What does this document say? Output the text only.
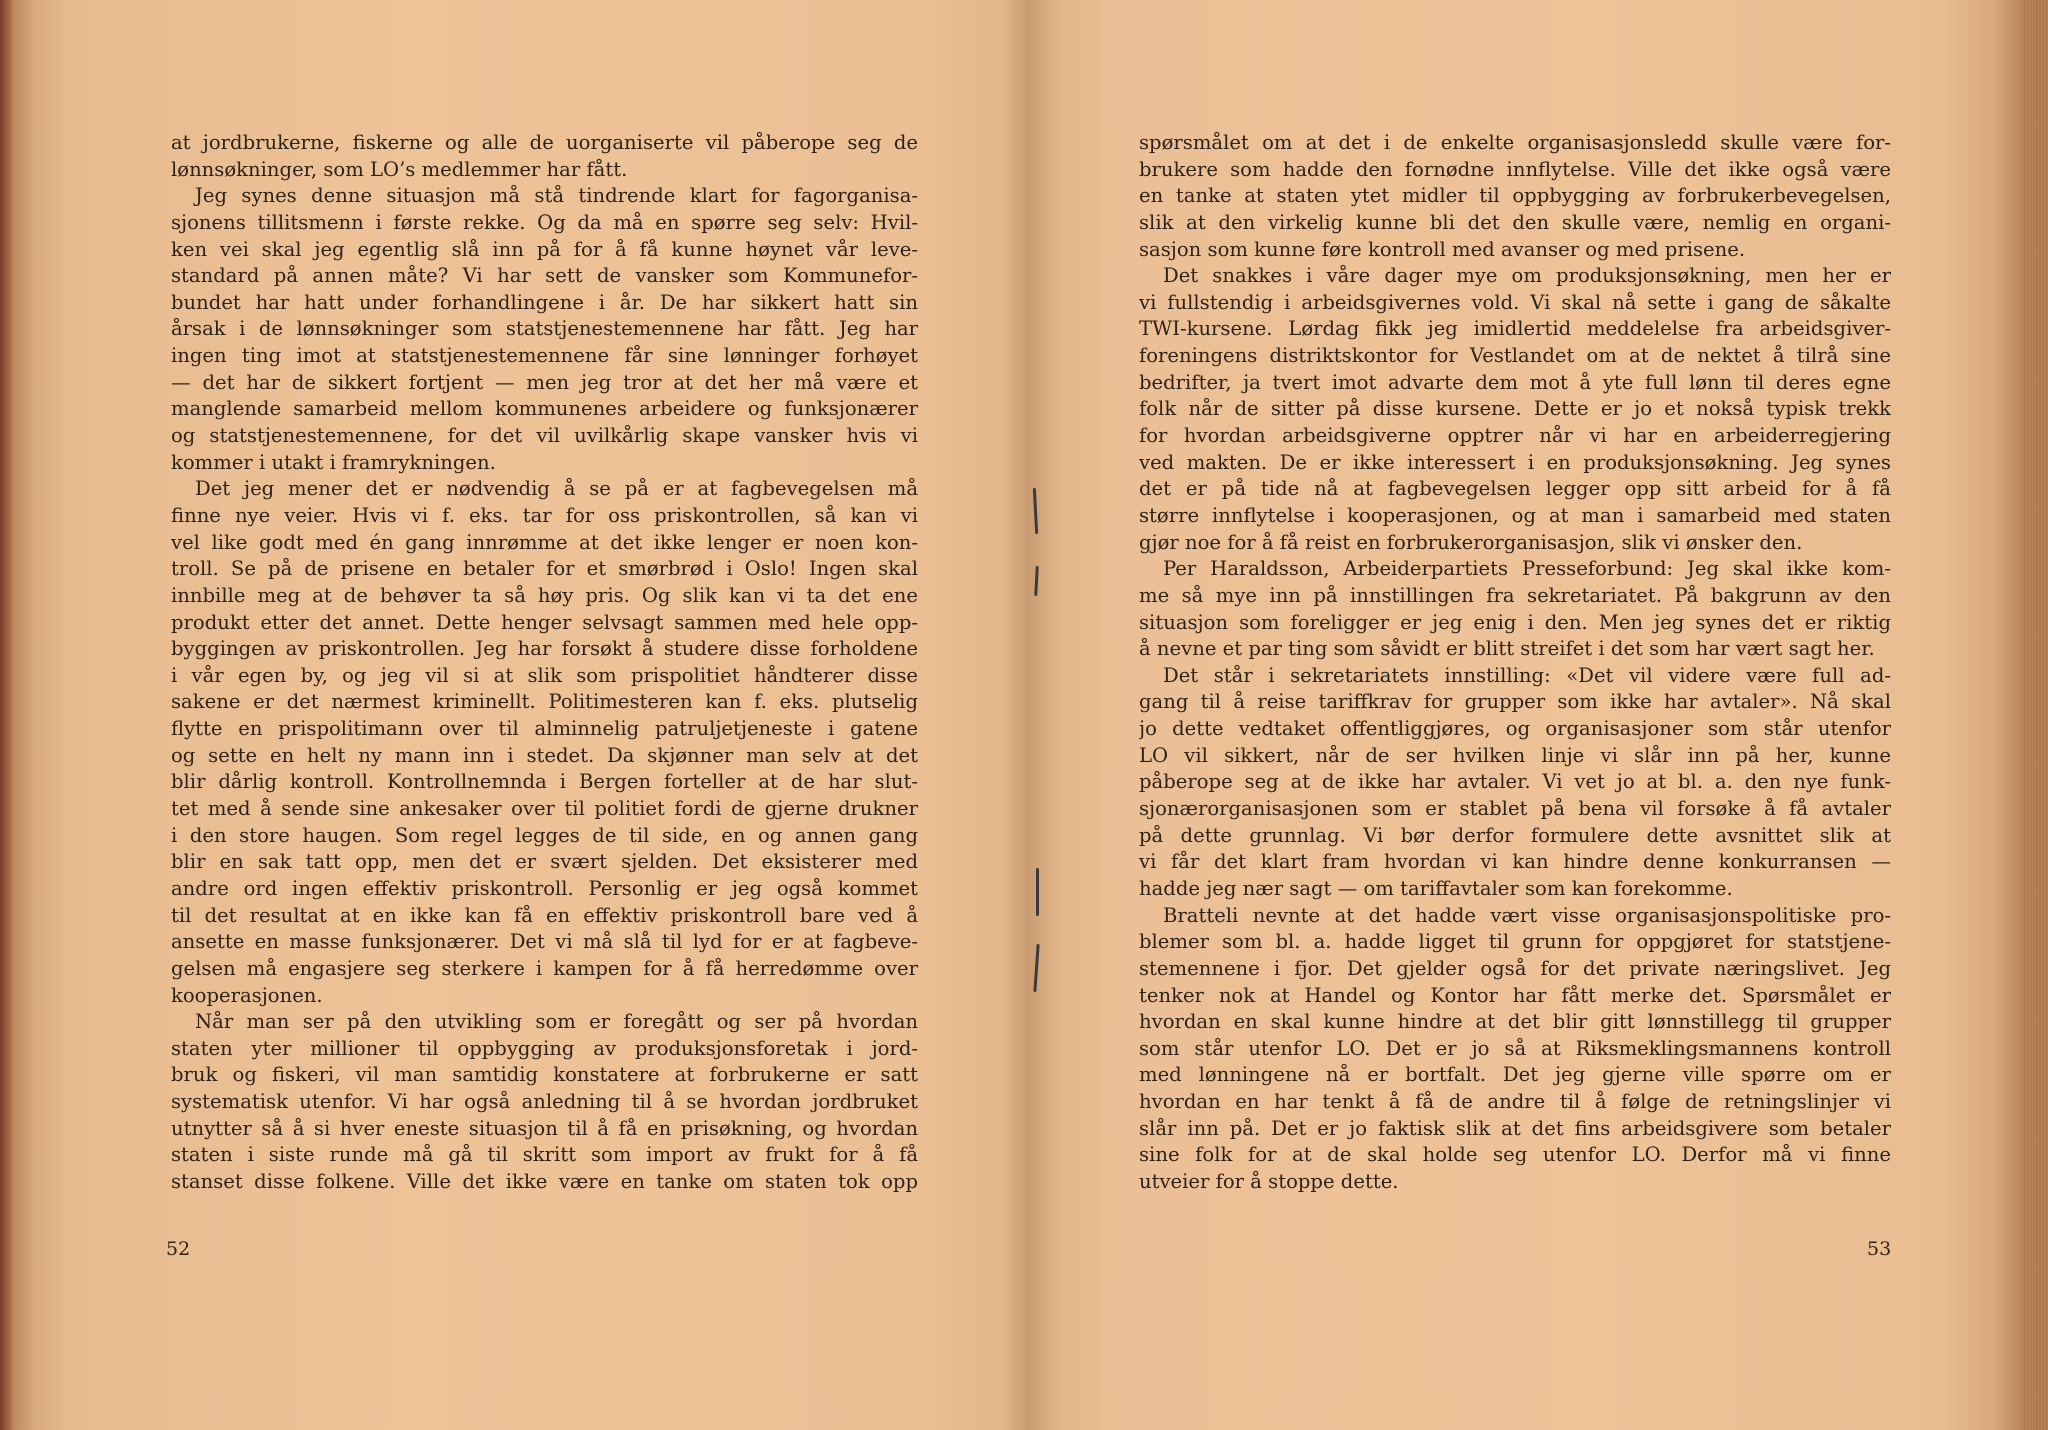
at jordbrukerne, fiskerne og alle de uorganiserte vil påberope seg de
lønnsøkninger, som LO’s medlemmer har fått.
Jeg synes denne situasjon må stå tindrende klart for fagorganisa-
sjonens tillitsmenn i første rekke. Og da må en spørre seg selv: Hvil-
ken vei skal jeg egentlig slå inn på for å få kunne høynet vår leve-
standard på annen måte? Vi har sett de vansker som Kommunefor-
bundet har hatt under forhandlingene i år. De har sikkert hatt sin
årsak i de lønnsøkninger som statstjenestemennene har fått. Jeg har
ingen ting imot at statstjenestemennene får sine lønninger forhøyet
— det har de sikkert fortjent — men jeg tror at det her må være et
manglende samarbeid mellom kommunenes arbeidere og funksjonærer
og statstjenestemennene, for det vil uvilkårlig skape vansker hvis vi
kommer i utakt i framrykningen.
Det jeg mener det er nødvendig å se på er at fagbevegelsen må
finne nye veier. Hvis vi f. eks. tar for oss priskontrollen, så kan vi
vel like godt med én gang innrømme at det ikke lenger er noen kon-
troll. Se på de prisene en betaler for et smørbrød i Oslo! Ingen skal
innbille meg at de behøver ta så høy pris. Og slik kan vi ta det ene
produkt etter det annet. Dette henger selvsagt sammen med hele opp-
byggingen av priskontrollen. Jeg har forsøkt å studere disse forholdene
i vår egen by, og jeg vil si at slik som prispolitiet håndterer disse
sakene er det nærmest kriminellt. Politimesteren kan f. eks. plutselig
flytte en prispolitimann over til alminnelig patruljetjeneste i gatene
og sette en helt ny mann inn i stedet. Da skjønner man selv at det
blir dårlig kontroll. Kontrollnemnda i Bergen forteller at de har slut-
tet med å sende sine ankesaker over til politiet fordi de gjerne drukner
i den store haugen. Som regel legges de til side, en og annen gang
blir en sak tatt opp, men det er svært sjelden. Det eksisterer med
andre ord ingen effektiv priskontroll. Personlig er jeg også kommet
til det resultat at en ikke kan få en effektiv priskontroll bare ved å
ansette en masse funksjonærer. Det vi må slå til lyd for er at fagbeve-
gelsen må engasjere seg sterkere i kampen for å få herredømme over
kooperasjonen.
Når man ser på den utvikling som er foregått og ser på hvordan
staten yter millioner til oppbygging av produksjonsforetak i jord-
bruk og fiskeri, vil man samtidig konstatere at forbrukerne er satt
systematisk utenfor. Vi har også anledning til å se hvordan jordbruket
utnytter så å si hver eneste situasjon til å få en prisøkning, og hvordan
staten i siste runde må gå til skritt som import av frukt for å få
stanset disse folkene. Ville det ikke være en tanke om staten tok opp
spørsmålet om at det i de enkelte organisasjonsledd skulle være for-
brukere som hadde den fornødne innflytelse. Ville det ikke også være
en tanke at staten ytet midler til oppbygging av forbrukerbevegelsen,
slik at den virkelig kunne bli det den skulle være, nemlig en organi-
sasjon som kunne føre kontroll med avanser og med prisene.
Det snakkes i våre dager mye om produksjonsøkning, men her er
vi fullstendig i arbeidsgivernes vold. Vi skal nå sette i gang de såkalte
TWI-kursene. Lørdag fikk jeg imidlertid meddelelse fra arbeidsgiver-
foreningens distriktskontor for Vestlandet om at de nektet å tilrå sine
bedrifter, ja tvert imot advarte dem mot å yte full lønn til deres egne
folk når de sitter på disse kursene. Dette er jo et nokså typisk trekk
for hvordan arbeidsgiverne opptrer når vi har en arbeiderregjering
ved makten. De er ikke interessert i en produksjonsøkning. Jeg synes
det er på tide nå at fagbevegelsen legger opp sitt arbeid for å få
større innflytelse i kooperasjonen, og at man i samarbeid med staten
gjør noe for å få reist en forbrukerorganisasjon, slik vi ønsker den.
Per Haraldsson, Arbeiderpartiets Presseforbund: Jeg skal ikke kom-
me så mye inn på innstillingen fra sekretariatet. På bakgrunn av den
situasjon som foreligger er jeg enig i den. Men jeg synes det er riktig
å nevne et par ting som såvidt er blitt streifet i det som har vært sagt her.
Det står i sekretariatets innstilling: «Det vil videre være full ad-
gang til å reise tariffkrav for grupper som ikke har avtaler». Nå skal
jo dette vedtaket offentliggjøres, og organisasjoner som står utenfor
LO vil sikkert, når de ser hvilken linje vi slår inn på her, kunne
påberope seg at de ikke har avtaler. Vi vet jo at bl. a. den nye funk-
sjonærorganisasjonen som er stablet på bena vil forsøke å få avtaler
på dette grunnlag. Vi bør derfor formulere dette avsnittet slik at
vi får det klart fram hvordan vi kan hindre denne konkurransen —
hadde jeg nær sagt — om tariffavtaler som kan forekomme.
Bratteli nevnte at det hadde vært visse organisasjonspolitiske pro-
blemer som bl. a. hadde ligget til grunn for oppgjøret for statstjene-
stemennene i fjor. Det gjelder også for det private næringslivet. Jeg
tenker nok at Handel og Kontor har fått merke det. Spørsmålet er
hvordan en skal kunne hindre at det blir gitt lønnstillegg til grupper
som står utenfor LO. Det er jo så at Riksmeklingsmannens kontroll
med lønningene nå er bortfalt. Det jeg gjerne ville spørre om er
hvordan en har tenkt å få de andre til å følge de retningslinjer vi
slår inn på. Det er jo faktisk slik at det fins arbeidsgivere som betaler
sine folk for at de skal holde seg utenfor LO. Derfor må vi finne
utveier for å stoppe dette.
52	53
